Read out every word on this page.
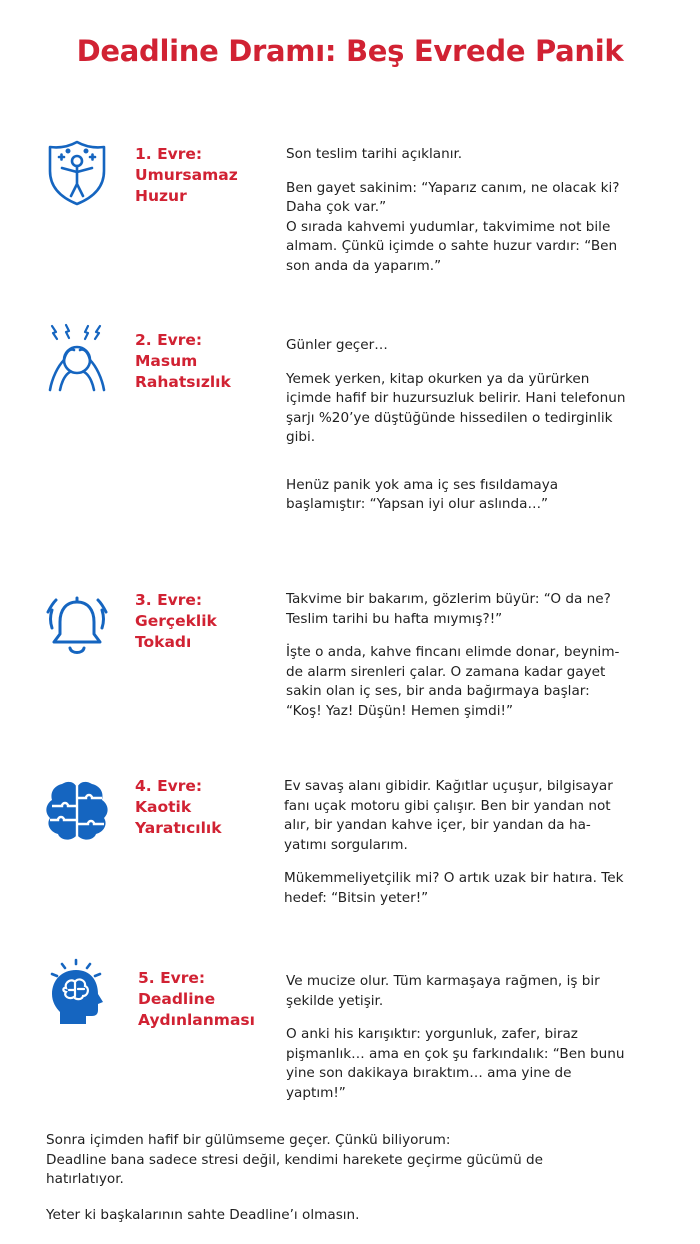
Deadline Dramı: Beş Evrede Panik
1. Evre:
Umursamaz
Huzur

Son teslim tarihi açıklanır.

Ben gayet sakinim: “Yaparız canım, ne olacak ki?
Daha çok var.”
O sırada kahvemi yudumlar, takvimime not bile
almam. Çünkü içimde o sahte huzur vardır: “Ben
son anda da yaparım.”

2. Evre:
Masum
Rahatsızlık

Günler geçer…

Yemek yerken, kitap okurken ya da yürürken
içimde hafif bir huzursuzluk belirir. Hani telefonun
şarjı %20’ye düştüğünde hissedilen o tedirginlik
gibi.

Henüz panik yok ama iç ses fısıldamaya
başlamıştır: “Yapsan iyi olur aslında…”

3. Evre:
Gerçeklik
Tokadı

Takvime bir bakarım, gözlerim büyür: “O da ne?
Teslim tarihi bu hafta mıymış?!”

İşte o anda, kahve fincanı elimde donar, beynim-
de alarm sirenleri çalar. O zamana kadar gayet
sakin olan iç ses, bir anda bağırmaya başlar:
“Koş! Yaz! Düşün! Hemen şimdi!”

4. Evre:
Kaotik
Yaratıcılık

Ev savaş alanı gibidir. Kağıtlar uçuşur, bilgisayar
fanı uçak motoru gibi çalışır. Ben bir yandan not
alır, bir yandan kahve içer, bir yandan da ha-
yatımı sorgularım.

Mükemmeliyetçilik mi? O artık uzak bir hatıra. Tek
hedef: “Bitsin yeter!”

5. Evre:
Deadline
Aydınlanması

Ve mucize olur. Tüm karmaşaya rağmen, iş bir
şekilde yetişir.

O anki his karışıktır: yorgunluk, zafer, biraz
pişmanlık… ama en çok şu farkındalık: “Ben bunu
yine son dakikaya bıraktım… ama yine de
yaptım!”

Sonra içimden hafif bir gülümseme geçer. Çünkü biliyorum:
Deadline bana sadece stresi değil, kendimi harekete geçirme gücümü de
hatırlatıyor.

Yeter ki başkalarının sahte Deadline’ı olmasın.
